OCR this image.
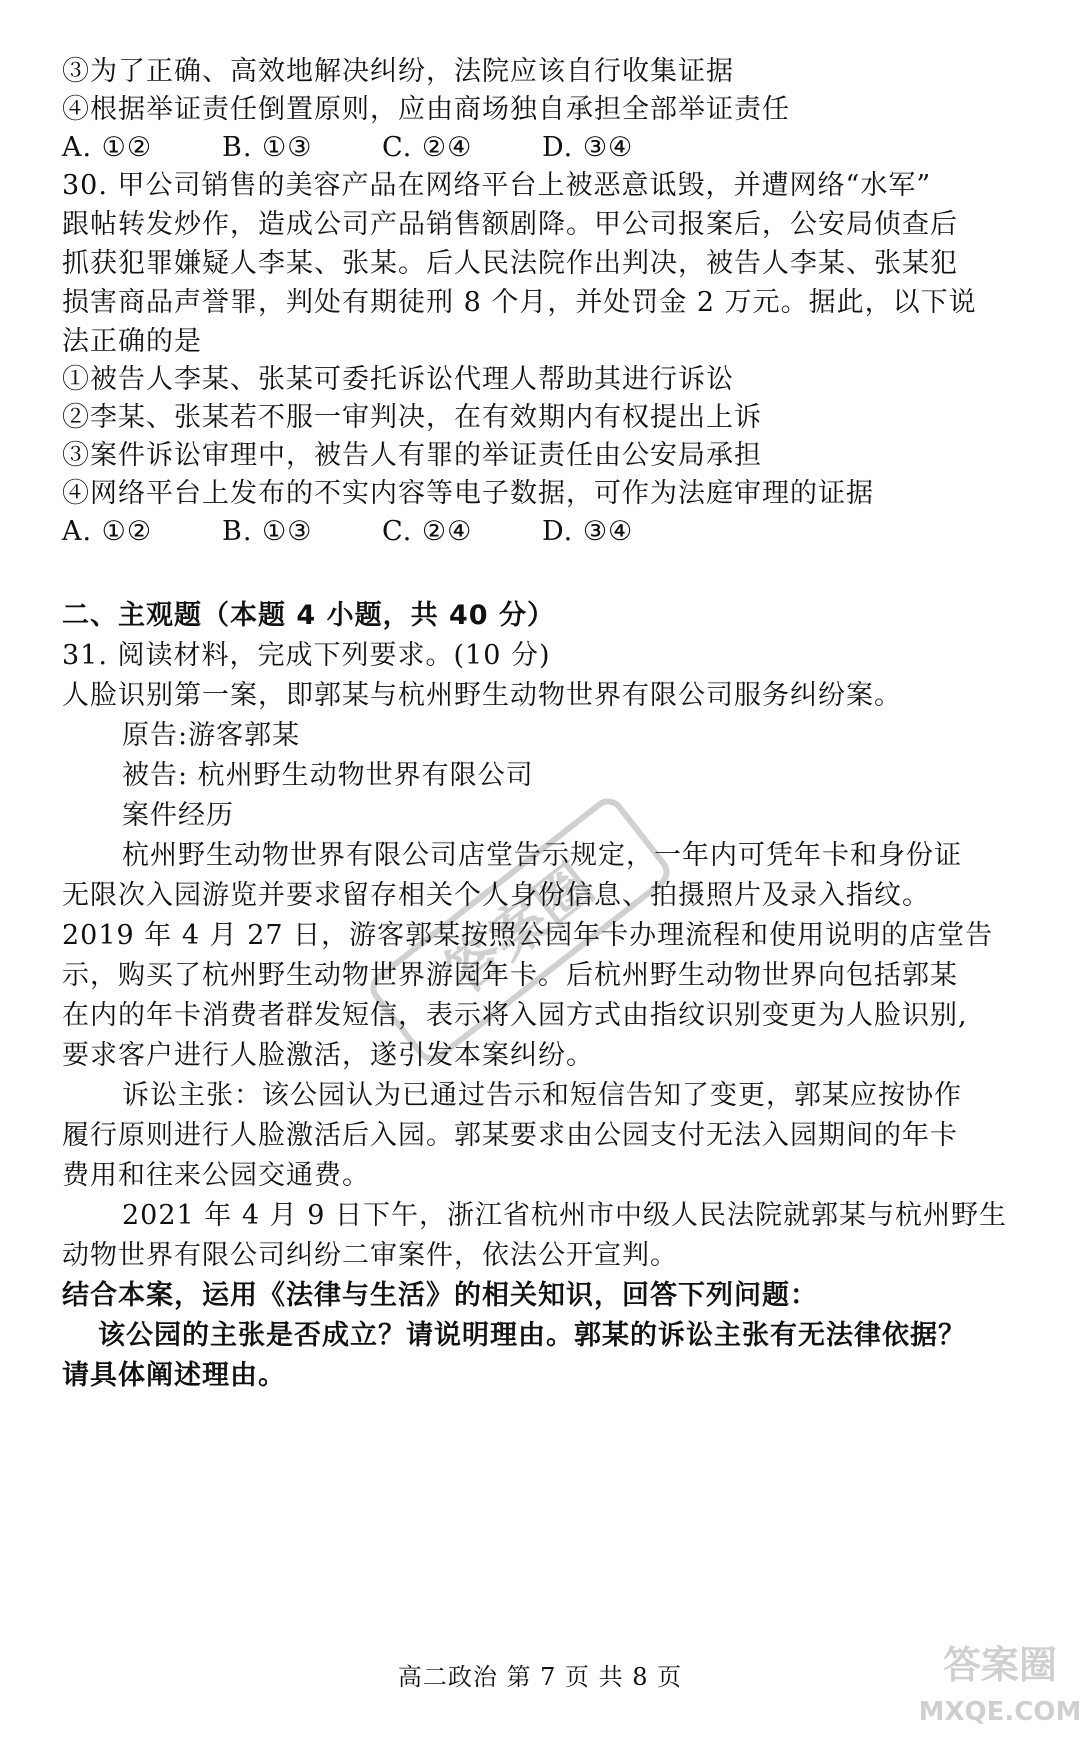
③为了正确、高效地解决纠纷，法院应该自行收集证据
④根据举证责任倒置原则，应由商场独自承担全部举证责任
A. ①②	B. ①③	C. ②④	D. ③④
30. 甲公司销售的美容产品在网络平台上被恶意诋毁，并遭网络“水军”
跟帖转发炒作，造成公司产品销售额剧降。甲公司报案后，公安局侦查后
抓获犯罪嫌疑人李某、张某。后人民法院作出判决，被告人李某、张某犯
损害商品声誉罪，判处有期徒刑 8 个月，并处罚金 2 万元。据此，以下说
法正确的是
①被告人李某、张某可委托诉讼代理人帮助其进行诉讼
②李某、张某若不服一审判决，在有效期内有权提出上诉
③案件诉讼审理中，被告人有罪的举证责任由公安局承担
④网络平台上发布的不实内容等电子数据，可作为法庭审理的证据
A. ①②	B. ①③	C. ②④	D. ③④
二、主观题（本题 4 小题，共 40 分）
31. 阅读材料，完成下列要求。(10 分)
人脸识别第一案，即郭某与杭州野生动物世界有限公司服务纠纷案。
原告:游客郭某
被告: 杭州野生动物世界有限公司
案件经历
杭州野生动物世界有限公司店堂告示规定，一年内可凭年卡和身份证
无限次入园游览并要求留存相关个人身份信息、拍摄照片及录入指纹。
2019 年 4 月 27 日，游客郭某按照公园年卡办理流程和使用说明的店堂告
示，购买了杭州野生动物世界游园年卡。后杭州野生动物世界向包括郭某
在内的年卡消费者群发短信，表示将入园方式由指纹识别变更为人脸识别,
要求客户进行人脸激活，遂引发本案纠纷。
诉讼主张：该公园认为已通过告示和短信告知了变更，郭某应按协作
履行原则进行人脸激活后入园。郭某要求由公园支付无法入园期间的年卡
费用和往来公园交通费。
2021 年 4 月 9 日下午，浙江省杭州市中级人民法院就郭某与杭州野生
动物世界有限公司纠纷二审案件，依法公开宣判。
结合本案，运用《法律与生活》的相关知识，回答下列问题：
该公园的主张是否成立？请说明理由。郭某的诉讼主张有无法律依据？
请具体阐述理由。
高二政治 第 7 页 共 8 页
答案圈
答案圈
MXQE.COM
